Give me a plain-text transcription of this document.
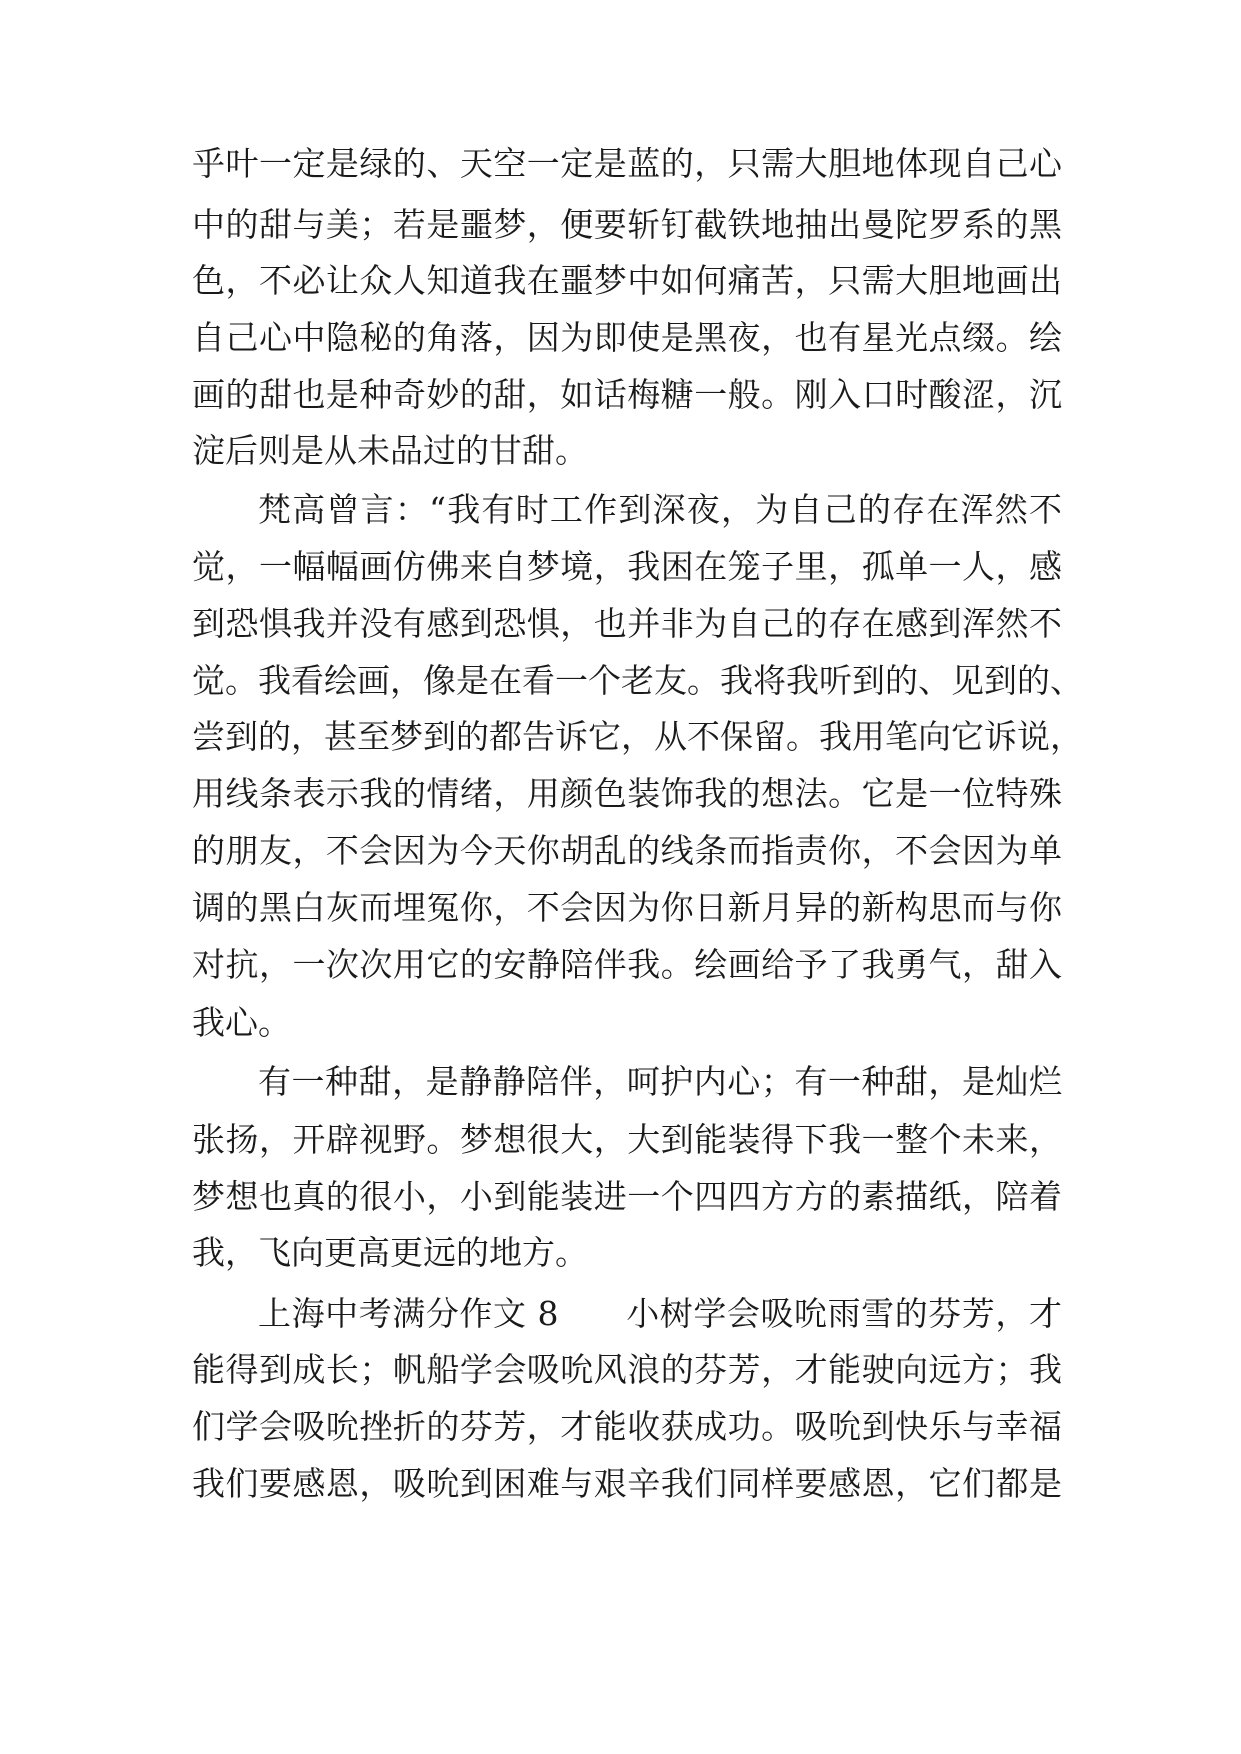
乎叶一定是绿的、天空一定是蓝的，只需大胆地体现自己心
中的甜与美；若是噩梦，便要斩钉截铁地抽出曼陀罗系的黑
色，不必让众人知道我在噩梦中如何痛苦，只需大胆地画出
自己心中隐秘的角落，因为即使是黑夜，也有星光点缀。绘
画的甜也是种奇妙的甜，如话梅糖一般。刚入口时酸涩，沉
淀后则是从未品过的甘甜。
梵高曾言：“我有时工作到深夜，为自己的存在浑然不
觉，一幅幅画仿佛来自梦境，我困在笼子里，孤单一人，感
到恐惧我并没有感到恐惧，也并非为自己的存在感到浑然不
觉。我看绘画，像是在看一个老友。我将我听到的、见到的、
尝到的，甚至梦到的都告诉它，从不保留。我用笔向它诉说，
用线条表示我的情绪，用颜色装饰我的想法。它是一位特殊
的朋友，不会因为今天你胡乱的线条而指责你，不会因为单
调的黑白灰而埋冤你，不会因为你日新月异的新构思而与你
对抗，一次次用它的安静陪伴我。绘画给予了我勇气，甜入
我心。
有一种甜，是静静陪伴，呵护内心；有一种甜，是灿烂
张扬，开辟视野。梦想很大，大到能装得下我一整个未来，
梦想也真的很小，小到能装进一个四四方方的素描纸，陪着
我，飞向更高更远的地方。
上海中考满分作文 8　　小树学会吸吮雨雪的芬芳，才
能得到成长；帆船学会吸吮风浪的芬芳，才能驶向远方；我
们学会吸吮挫折的芬芳，才能收获成功。吸吮到快乐与幸福
我们要感恩，吸吮到困难与艰辛我们同样要感恩，它们都是
